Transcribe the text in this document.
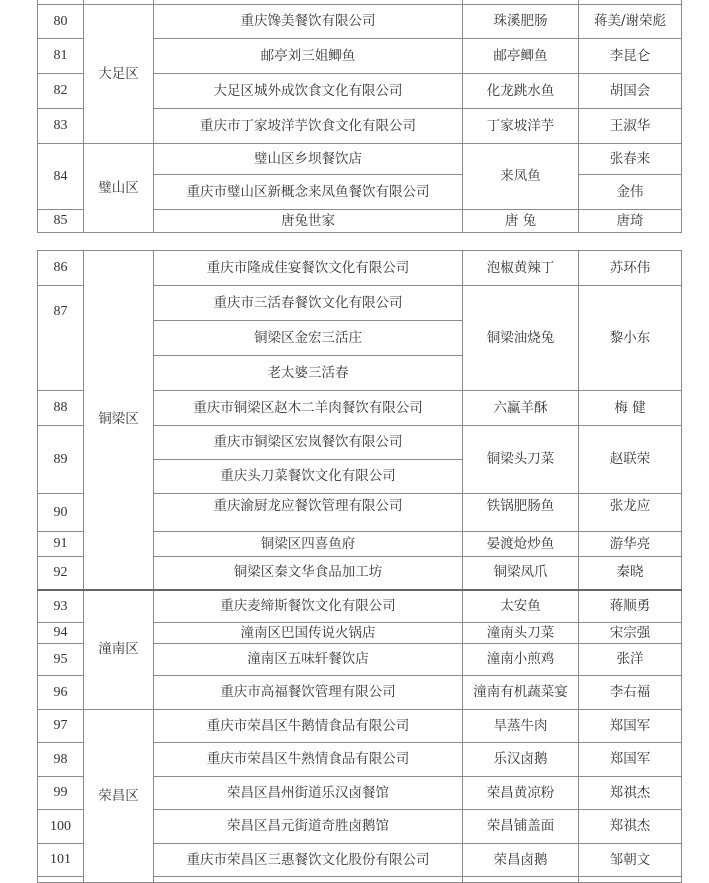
80	大足区	重庆馋美餐饮有限公司	珠溪肥肠	蒋美/谢荣彪
81		邮亭刘三姐鲫鱼	邮亭鲫鱼	李昆仑
82		大足区城外成饮食文化有限公司	化龙跳水鱼	胡国会
83		重庆市丁家坡洋芋饮食文化有限公司	丁家坡洋芋	王淑华
84	璧山区	璧山区乡坝餐饮店	来凤鱼	张春来
		重庆市璧山区新概念来凤鱼餐饮有限公司		金伟
85		唐兔世家	唐 兔	唐琦
86	铜梁区	重庆市隆成佳宴餐饮文化有限公司	泡椒黄辣丁	苏环伟
87		重庆市三活春餐饮文化有限公司	铜梁油烧兔	黎小东
		铜梁区金宏三活庄		
		老太婆三活春		
88		重庆市铜梁区赵木二羊肉餐饮有限公司	六赢羊酥	梅 健
89		重庆市铜梁区宏岚餐饮有限公司	铜梁头刀菜	赵联荣
		重庆头刀菜餐饮文化有限公司		
90		重庆渝厨龙应餐饮管理有限公司	铁锅肥肠鱼	张龙应
91		铜梁区四喜鱼府	晏渡炝炒鱼	游华亮
92		铜梁区秦文华食品加工坊	铜梁凤爪	秦晓
93	潼南区	重庆麦缔斯餐饮文化有限公司	太安鱼	蒋顺勇
94		潼南区巴国传说火锅店	潼南头刀菜	宋宗强
95		潼南区五味轩餐饮店	潼南小煎鸡	张洋
96		重庆市高福餐饮管理有限公司	潼南有机蔬菜宴	李右福
97	荣昌区	重庆市荣昌区牛鹅情食品有限公司	旱蒸牛肉	郑国军
98		重庆市荣昌区牛熟情食品有限公司	乐汉卤鹅	郑国军
99		荣昌区昌州街道乐汉卤餐馆	荣昌黄凉粉	郑祺杰
100		荣昌区昌元街道奇胜卤鹅馆	荣昌铺盖面	郑祺杰
101		重庆市荣昌区三惠餐饮文化股份有限公司	荣昌卤鹅	邹朝文
